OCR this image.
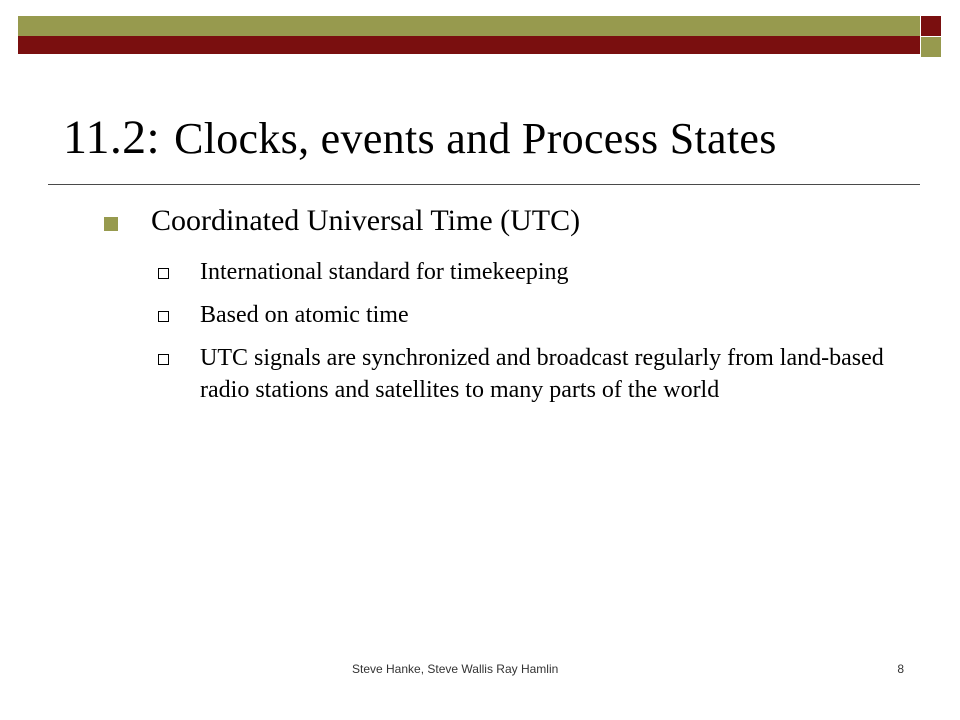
11.2: Clocks, events and Process States
Coordinated Universal Time (UTC)
International standard for timekeeping
Based on atomic time
UTC signals are synchronized and broadcast regularly from land-based radio stations and satellites to many parts of the world
Steve Hanke, Steve Wallis Ray Hamlin	8
